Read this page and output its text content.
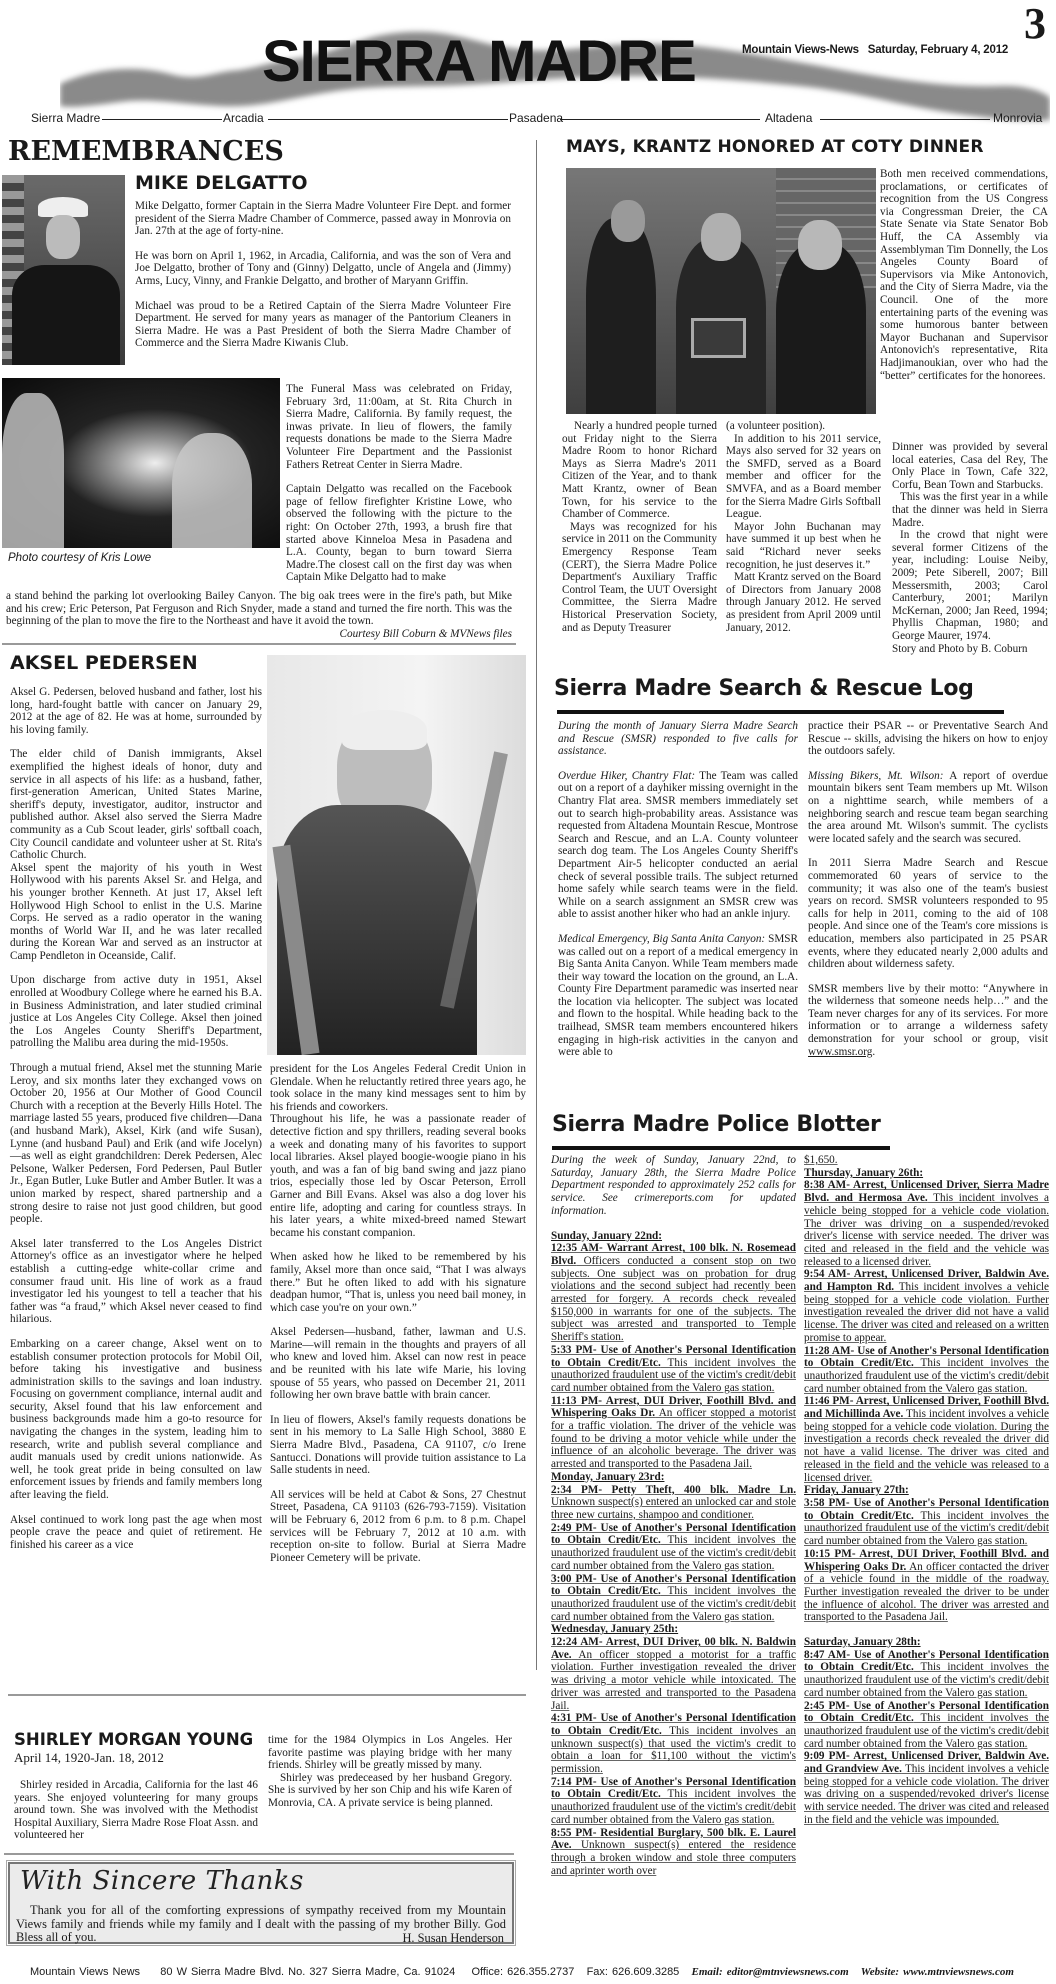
SIERRA MADRE
3
Mountain Views-News Saturday, February 4, 2012
Sierra Madre	Arcadia	Pasadena	Altadena	Monrovia
REMEMBRANCES
MIKE DELGATTO

Mike Delgatto, former Captain in the Sierra Madre Volunteer Fire Dept. and former president of the Sierra Madre Chamber of Commerce, passed away in Monrovia on Jan. 27th at the age of forty-nine.

He was born on April 1, 1962, in Arcadia, California, and was the son of Vera and Joe Delgatto, brother of Tony and (Ginny) Delgatto, uncle of Angela and (Jimmy) Arms, Lucy, Vinny, and Frankie Delgatto, and brother of Maryann Griffin.

Michael was proud to be a Retired Captain of the Sierra Madre Volunteer Fire Department. He served for many years as manager of the Pantorium Cleaners in Sierra Madre. He was a Past President of both the Sierra Madre Chamber of Commerce and the Sierra Madre Kiwanis Club.

Photo courtesy of Kris Lowe

The Funeral Mass was celebrated on Friday, February 3rd, 11:00am, at St. Rita Church in Sierra Madre, California. By family request, the inwas private. In lieu of flowers, the family requests donations be made to the Sierra Madre Volunteer Fire Department and the Passionist Fathers Retreat Center in Sierra Madre.

Captain Delgatto was recalled on the Facebook page of fellow firefighter Kristine Lowe, who observed the following with the picture to the right: On October 27th, 1993, a brush fire that started above Kinneloa Mesa in Pasadena and L.A. County, began to burn toward Sierra Madre.The closest call on the first day was when Captain Mike Delgatto had to make

a stand behind the parking lot overlooking Bailey Canyon. The big oak trees were in the fire's path, but Mike and his crew; Eric Peterson, Pat Ferguson and Rich Snyder, made a stand and turned the fire north. This was the beginning of the plan to move the fire to the Northeast and have it avoid the town.

Courtesy Bill Coburn & MVNews files
AKSEL PEDERSEN

Aksel G. Pedersen, beloved husband and father, lost his long, hard-fought battle with cancer on January 29, 2012 at the age of 82. He was at home, surrounded by his loving family.

The elder child of Danish immigrants, Aksel exemplified the highest ideals of honor, duty and service in all aspects of his life: as a husband, father, first-generation American, United States Marine, sheriff's deputy, investigator, auditor, instructor and published author. Aksel also served the Sierra Madre community as a Cub Scout leader, girls' softball coach, City Council candidate and volunteer usher at St. Rita's Catholic Church.

Aksel spent the majority of his youth in West Hollywood with his parents Aksel Sr. and Helga, and his younger brother Kenneth. At just 17, Aksel left Hollywood High School to enlist in the U.S. Marine Corps. He served as a radio operator in the waning months of World War II, and he was later recalled during the Korean War and served as an instructor at Camp Pendleton in Oceanside, Calif.

Upon discharge from active duty in 1951, Aksel enrolled at Woodbury College where he earned his B.A. in Business Administration, and later studied criminal justice at Los Angeles City College. Aksel then joined the Los Angeles County Sheriff's Department, patrolling the Malibu area during the mid-1950s.

Through a mutual friend, Aksel met the stunning Marie Leroy, and six months later they exchanged vows on October 20, 1956 at Our Mother of Good Council Church with a reception at the Beverly Hills Hotel. The marriage lasted 55 years, produced five children—Dana (and husband Mark), Aksel, Kirk (and wife Susan), Lynne (and husband Paul) and Erik (and wife Jocelyn)—as well as eight grandchildren: Derek Pedersen, Alec Pelsone, Walker Pedersen, Ford Pedersen, Paul Butler Jr., Egan Butler, Luke Butler and Amber Butler. It was a union marked by respect, shared partnership and a strong desire to raise not just good children, but good people.

Aksel later transferred to the Los Angeles District Attorney's office as an investigator where he helped establish a cutting-edge white-collar crime and consumer fraud unit. His line of work as a fraud investigator led his youngest to tell a teacher that his father was “a fraud,” which Aksel never ceased to find hilarious.

Embarking on a career change, Aksel went on to establish consumer protection protocols for Mobil Oil, before taking his investigative and business administration skills to the savings and loan industry. Focusing on government compliance, internal audit and security, Aksel found that his law enforcement and business backgrounds made him a go-to resource for navigating the changes in the system, leading him to research, write and publish several compliance and audit manuals used by credit unions nationwide. As well, he took great pride in being consulted on law enforcement issues by friends and family members long after leaving the field.

Aksel continued to work long past the age when most people crave the peace and quiet of retirement. He finished his career as a vice

president for the Los Angeles Federal Credit Union in Glendale. When he reluctantly retired three years ago, he took solace in the many kind messages sent to him by his friends and coworkers.

Throughout his life, he was a passionate reader of detective fiction and spy thrillers, reading several books a week and donating many of his favorites to support local libraries. Aksel played boogie-woogie piano in his youth, and was a fan of big band swing and jazz piano trios, especially those led by Oscar Peterson, Erroll Garner and Bill Evans. Aksel was also a dog lover his entire life, adopting and caring for countless strays. In his later years, a white mixed-breed named Stewart became his constant companion.

When asked how he liked to be remembered by his family, Aksel more than once said, “That I was always there.” But he often liked to add with his signature deadpan humor, “That is, unless you need bail money, in which case you're on your own.”

Aksel Pedersen—husband, father, lawman and U.S. Marine—will remain in the thoughts and prayers of all who knew and loved him. Aksel can now rest in peace and be reunited with his late wife Marie, his loving spouse of 55 years, who passed on December 21, 2011 following her own brave battle with brain cancer.

In lieu of flowers, Aksel's family requests donations be sent in his memory to La Salle High School, 3880 E Sierra Madre Blvd., Pasadena, CA 91107, c/o Irene Santucci. Donations will provide tuition assistance to La Salle students in need.

All services will be held at Cabot & Sons, 27 Chestnut Street, Pasadena, CA 91103 (626-793-7159). Visitation will be February 6, 2012 from 6 p.m. to 8 p.m. Chapel services will be February 7, 2012 at 10 a.m. with reception on-site to follow. Burial at Sierra Madre Pioneer Cemetery will be private.

SHIRLEY MORGAN YOUNG
April 14, 1920-Jan. 18, 2012
Shirley resided in Arcadia, California for the last 46 years. She enjoyed volunteering for many groups around town. She was involved with the Methodist Hospital Auxiliary, Sierra Madre Rose Float Assn. and volunteered her

time for the 1984 Olympics in Los Angeles. Her favorite pastime was playing bridge with her many friends. Shirley will be greatly missed by many.

Shirley was predeceased by her husband Gregory. She is survived by her son Chip and his wife Karen of Monrovia, CA. A private service is being planned.

With Sincere Thanks
Thank you for all of the comforting expressions of sympathy received from my Mountain Views family and friends while my family and I dealt with the passing of my brother Billy. God Bless all of you.	H. Susan Henderson
MAYS, KRANTZ HONORED AT COTY DINNER
Both men received commendations, proclamations, or certificates of recognition from the US Congress via Congressman Dreier, the CA State Senate via State Senator Bob Huff, the CA Assembly via Assemblyman Tim Donnelly, the Los Angeles County Board of Supervisors via Mike Antonovich, and the City of Sierra Madre, via the Council. One of the more entertaining parts of the evening was some humorous banter between Mayor Buchanan and Supervisor Antonovich's representative, Rita Hadjimanoukian, over who had the “better” certificates for the honorees.

Nearly a hundred people turned out Friday night to the Sierra Madre Room to honor Richard Mays as Sierra Madre's 2011 Citizen of the Year, and to thank Matt Krantz, owner of Bean Town, for his service to the Chamber of Commerce.

Mays was recognized for his service in 2011 on the Community Emergency Response Team (CERT), the Sierra Madre Police Department's Auxiliary Traffic Control Team, the UUT Oversight Committee, the Sierra Madre Historical Preservation Society, and as Deputy Treasurer

(a volunteer position).

In addition to his 2011 service, Mays also served for 32 years on the SMFD, served as a Board member and officer for the SMVFA, and as a Board member for the Sierra Madre Girls Softball League.

Mayor John Buchanan may have summed it up best when he said “Richard never seeks recognition, he just deserves it.”

Matt Krantz served on the Board of Directors from January 2008 through January 2012. He served as president from April 2009 until January, 2012.

Dinner was provided by several local eateries, Casa del Rey, The Only Place in Town, Cafe 322, Corfu, Bean Town and Starbucks.

This was the first year in a while that the dinner was held in Sierra Madre.

In the crowd that night were several former Citizens of the year, including: Louise Neiby, 2009; Pete Siberell, 2007; Bill Messersmith, 2003; Carol Canterbury, 2001; Marilyn McKernan, 2000; Jan Reed, 1994; Phyllis Chapman, 1980; and George Maurer, 1974.

Story and Photo by B. Coburn

Sierra Madre Search & Rescue Log

During the month of January Sierra Madre Search and Rescue (SMSR) responded to five calls for assistance.

Overdue Hiker, Chantry Flat: The Team was called out on a report of a dayhiker missing overnight in the Chantry Flat area. SMSR members immediately set out to search high-probability areas. Assistance was requested from Altadena Mountain Rescue, Montrose Search and Rescue, and an L.A. County volunteer search dog team. The Los Angeles County Sheriff's Department Air-5 helicopter conducted an aerial check of several possible trails. The subject returned home safely while search teams were in the field. While on a search assignment an SMSR crew was able to assist another hiker who had an ankle injury.

Medical Emergency, Big Santa Anita Canyon: SMSR was called out on a report of a medical emergency in Big Santa Anita Canyon. While Team members made their way toward the location on the ground, an L.A. County Fire Department paramedic was inserted near the location via helicopter. The subject was located and flown to the hospital. While heading back to the trailhead, SMSR team members encountered hikers engaging in high-risk activities in the canyon and were able to

practice their PSAR -- or Preventative Search And Rescue -- skills, advising the hikers on how to enjoy the outdoors safely.

Missing Bikers, Mt. Wilson: A report of overdue mountain bikers sent Team members up Mt. Wilson on a nighttime search, while members of a neighboring search and rescue team began searching the area around Mt. Wilson's summit. The cyclists were located safely and the search was secured.

In 2011 Sierra Madre Search and Rescue commemorated 60 years of service to the community; it was also one of the team's busiest years on record. SMSR volunteers responded to 95 calls for help in 2011, coming to the aid of 108 people. And since one of the Team's core missions is education, members also participated in 25 PSAR events, where they educated nearly 2,000 adults and children about wilderness safety.

SMSR members live by their motto: “Anywhere in the wilderness that someone needs help…” and the Team never charges for any of its services. For more information or to arrange a wilderness safety demonstration for your school or group, visit www.smsr.org.

Sierra Madre Police Blotter

During the week of Sunday, January 22nd, to Saturday, January 28th, the Sierra Madre Police Department responded to approximately 252 calls for service. See crimereports.com for updated information.

Sunday, January 22nd:
12:35 AM- Warrant Arrest, 100 blk. N. Rosemead Blvd. Officers conducted a consent stop on two subjects. One subject was on probation for drug violations and the second subject had recently been arrested for forgery. A records check revealed $150,000 in warrants for one of the subjects. The subject was arrested and transported to Temple Sheriff's station.
5:33 PM- Use of Another's Personal Identification to Obtain Credit/Etc. This incident involves the unauthorized fraudulent use of the victim's credit/debit card number obtained from the Valero gas station.
11:13 PM- Arrest, DUI Driver, Foothill Blvd. and Whispering Oaks Dr. An officer stopped a motorist for a traffic violation. The driver of the vehicle was found to be driving a motor vehicle while under the influence of an alcoholic beverage. The driver was arrested and transported to the Pasadena Jail.
Monday, January 23rd:
2:34 PM- Petty Theft, 400 blk. Madre Ln. Unknown suspect(s) entered an unlocked car and stole three new curtains, shampoo and conditioner.
2:49 PM- Use of Another's Personal Identification to Obtain Credit/Etc. This incident involves the unauthorized fraudulent use of the victim's credit/debit card number obtained from the Valero gas station.
3:00 PM- Use of Another's Personal Identification to Obtain Credit/Etc. This incident involves the unauthorized fraudulent use of the victim's credit/debit card number obtained from the Valero gas station.
Wednesday, January 25th:
12:24 AM- Arrest, DUI Driver, 00 blk. N. Baldwin Ave. An officer stopped a motorist for a traffic violation. Further investigation revealed the driver was driving a motor vehicle while intoxicated. The driver was arrested and transported to the Pasadena Jail.
4:31 PM- Use of Another's Personal Identification to Obtain Credit/Etc. This incident involves an unknown suspect(s) that used the victim's credit to obtain a loan for $11,100 without the victim's permission.
7:14 PM- Use of Another's Personal Identification to Obtain Credit/Etc. This incident involves the unauthorized fraudulent use of the victim's credit/debit card number obtained from the Valero gas station.
8:55 PM- Residential Burglary, 500 blk. E. Laurel Ave. Unknown suspect(s) entered the residence through a broken window and stole three computers and aprinter worth over
$1,650.
Thursday, January 26th:
8:38 AM- Arrest, Unlicensed Driver, Sierra Madre Blvd. and Hermosa Ave. This incident involves a vehicle being stopped for a vehicle code violation. The driver was driving on a suspended/revoked driver's license with service needed. The driver was cited and released in the field and the vehicle was released to a licensed driver.
9:54 AM- Arrest, Unlicensed Driver, Baldwin Ave. and Hampton Rd. This incident involves a vehicle being stopped for a vehicle code violation. Further investigation revealed the driver did not have a valid license. The driver was cited and released on a written promise to appear.
11:28 AM- Use of Another's Personal Identification to Obtain Credit/Etc. This incident involves the unauthorized fraudulent use of the victim's credit/debit card number obtained from the Valero gas station.
11:46 PM- Arrest, Unlicensed Driver, Foothill Blvd. and Michillinda Ave. This incident involves a vehicle being stopped for a vehicle code violation. During the investigation a records check revealed the driver did not have a valid license. The driver was cited and released in the field and the vehicle was released to a licensed driver.
Friday, January 27th:
3:58 PM- Use of Another's Personal Identification to Obtain Credit/Etc. This incident involves the unauthorized fraudulent use of the victim's credit/debit card number obtained from the Valero gas station.
10:15 PM- Arrest, DUI Driver, Foothill Blvd. and Whispering Oaks Dr. An officer contacted the driver of a vehicle found in the middle of the roadway. Further investigation revealed the driver to be under the influence of alcohol. The driver was arrested and transported to the Pasadena Jail.
Saturday, January 28th:
8:47 AM- Use of Another's Personal Identification to Obtain Credit/Etc. This incident involves the unauthorized fraudulent use of the victim's credit/debit card number obtained from the Valero gas station.
2:45 PM- Use of Another's Personal Identification to Obtain Credit/Etc. This incident involves the unauthorized fraudulent use of the victim's credit/debit card number obtained from the Valero gas station.
9:09 PM- Arrest, Unlicensed Driver, Baldwin Ave. and Grandview Ave. This incident involves a vehicle being stopped for a vehicle code violation. The driver was driving on a suspended/revoked driver's license with service needed. The driver was cited and released in the field and the vehicle was impounded.
Mountain Views News 80 W Sierra Madre Blvd. No. 327 Sierra Madre, Ca. 91024 Office: 626.355.2737 Fax: 626.609.3285 Email: editor@mtnviewsnews.com Website: www.mtnviewsnews.com
